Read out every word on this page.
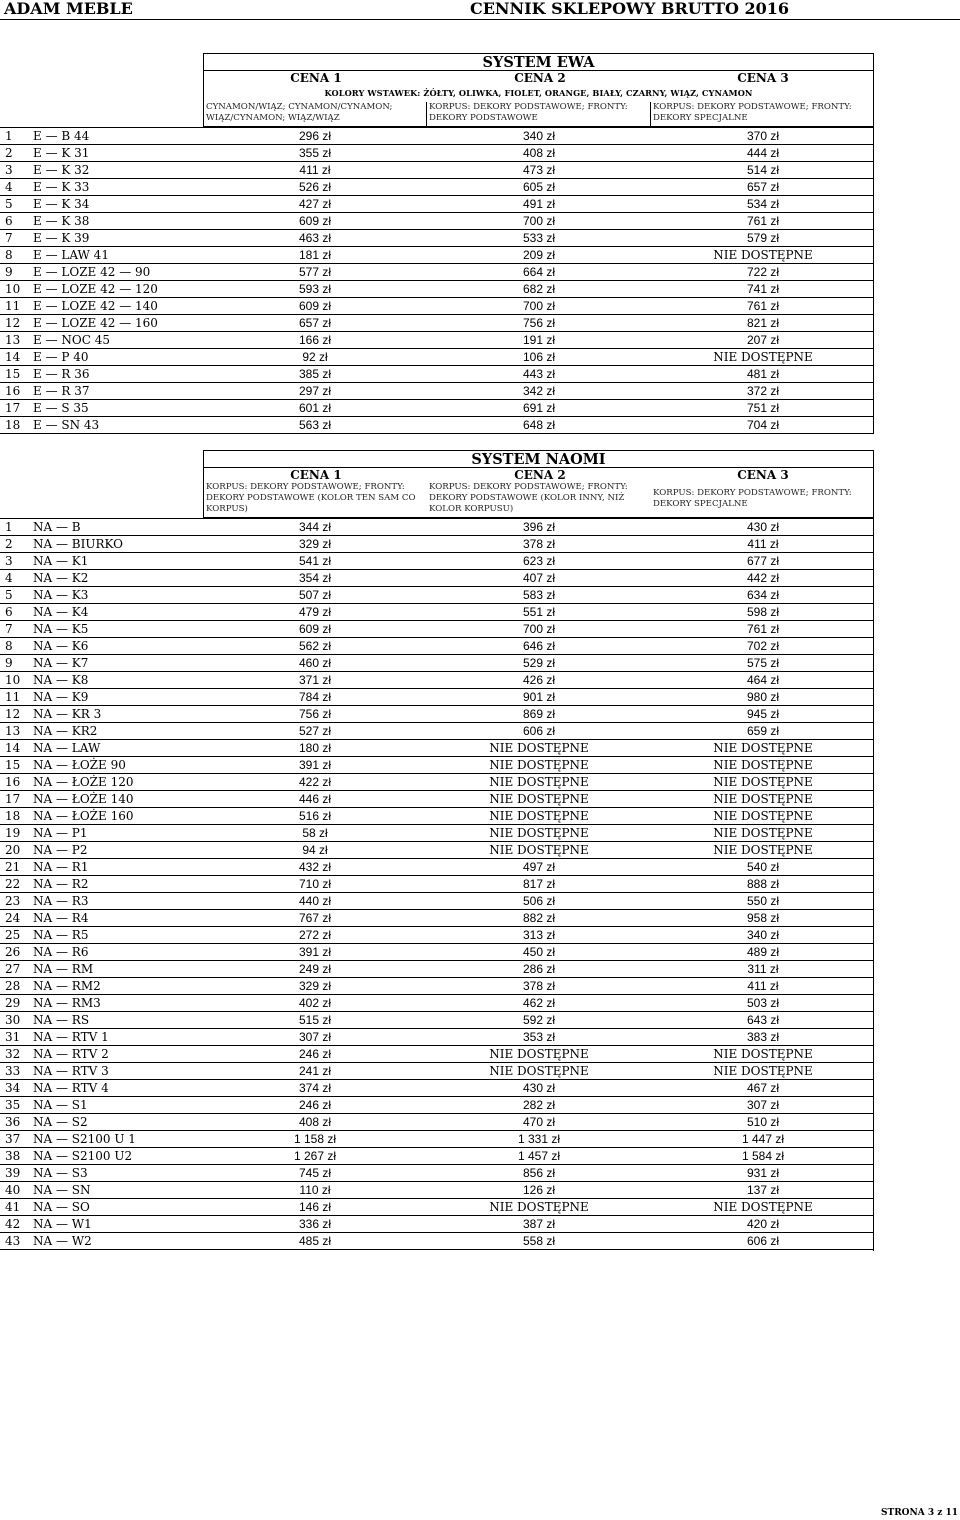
ADAM MEBLE	CENNIK SKLEPOWY BRUTTO 2016
SYSTEM EWA
CENA 1	CENA 2	CENA 3
KOLORY WSTAWEK: ŻÓŁTY, OLIWKA, FIOLET, ORANGE, BIAŁY, CZARNY, WIĄZ, CYNAMON
CYNAMON/WIĄZ; CYNAMON/CYNAMON; WIĄZ/CYNAMON; WIĄZ/WIĄZ
KORPUS: DEKORY PODSTAWOWE; FRONTY: DEKORY PODSTAWOWE
KORPUS: DEKORY PODSTAWOWE; FRONTY: DEKORY SPECJALNE
1 E — B 44	296 zł	340 zł	370 zł
2 E — K 31	355 zł	408 zł	444 zł
3 E — K 32	411 zł	473 zł	514 zł
4 E — K 33	526 zł	605 zł	657 zł
5 E — K 34	427 zł	491 zł	534 zł
6 E — K 38	609 zł	700 zł	761 zł
7 E — K 39	463 zł	533 zł	579 zł
8 E — LAW 41	181 zł	209 zł	NIE DOSTĘPNE
9 E — LOZE 42 — 90	577 zł	664 zł	722 zł
10 E — LOZE 42 — 120	593 zł	682 zł	741 zł
11 E — LOZE 42 — 140	609 zł	700 zł	761 zł
12 E — LOZE 42 — 160	657 zł	756 zł	821 zł
13 E — NOC 45	166 zł	191 zł	207 zł
14 E — P 40	92 zł	106 zł	NIE DOSTĘPNE
15 E — R 36	385 zł	443 zł	481 zł
16 E — R 37	297 zł	342 zł	372 zł
17 E — S 35	601 zł	691 zł	751 zł
18 E — SN 43	563 zł	648 zł	704 zł
SYSTEM NAOMI
CENA 1	CENA 2	CENA 3
KORPUS: DEKORY PODSTAWOWE; FRONTY: DEKORY PODSTAWOWE (KOLOR TEN SAM CO KORPUS)
KORPUS: DEKORY PODSTAWOWE; FRONTY: DEKORY PODSTAWOWE (KOLOR INNY, NIŻ KOLOR KORPUSU)
KORPUS: DEKORY PODSTAWOWE; FRONTY: DEKORY SPECJALNE
1 NA — B	344 zł	396 zł	430 zł
2 NA — BIURKO	329 zł	378 zł	411 zł
3 NA — K1	541 zł	623 zł	677 zł
4 NA — K2	354 zł	407 zł	442 zł
5 NA — K3	507 zł	583 zł	634 zł
6 NA — K4	479 zł	551 zł	598 zł
7 NA — K5	609 zł	700 zł	761 zł
8 NA — K6	562 zł	646 zł	702 zł
9 NA — K7	460 zł	529 zł	575 zł
10 NA — K8	371 zł	426 zł	464 zł
11 NA — K9	784 zł	901 zł	980 zł
12 NA — KR 3	756 zł	869 zł	945 zł
13 NA — KR2	527 zł	606 zł	659 zł
14 NA — LAW	180 zł	NIE DOSTĘPNE	NIE DOSTĘPNE
15 NA — ŁOŻE 90	391 zł	NIE DOSTĘPNE	NIE DOSTĘPNE
16 NA — ŁOŻE 120	422 zł	NIE DOSTĘPNE	NIE DOSTĘPNE
17 NA — ŁOŻE 140	446 zł	NIE DOSTĘPNE	NIE DOSTĘPNE
18 NA — ŁOŻE 160	516 zł	NIE DOSTĘPNE	NIE DOSTĘPNE
19 NA — P1	58 zł	NIE DOSTĘPNE	NIE DOSTĘPNE
20 NA — P2	94 zł	NIE DOSTĘPNE	NIE DOSTĘPNE
21 NA — R1	432 zł	497 zł	540 zł
22 NA — R2	710 zł	817 zł	888 zł
23 NA — R3	440 zł	506 zł	550 zł
24 NA — R4	767 zł	882 zł	958 zł
25 NA — R5	272 zł	313 zł	340 zł
26 NA — R6	391 zł	450 zł	489 zł
27 NA — RM	249 zł	286 zł	311 zł
28 NA — RM2	329 zł	378 zł	411 zł
29 NA — RM3	402 zł	462 zł	503 zł
30 NA — RS	515 zł	592 zł	643 zł
31 NA — RTV 1	307 zł	353 zł	383 zł
32 NA — RTV 2	246 zł	NIE DOSTĘPNE	NIE DOSTĘPNE
33 NA — RTV 3	241 zł	NIE DOSTĘPNE	NIE DOSTĘPNE
34 NA — RTV 4	374 zł	430 zł	467 zł
35 NA — S1	246 zł	282 zł	307 zł
36 NA — S2	408 zł	470 zł	510 zł
37 NA — S2100 U 1	1 158 zł	1 331 zł	1 447 zł
38 NA — S2100 U2	1 267 zł	1 457 zł	1 584 zł
39 NA — S3	745 zł	856 zł	931 zł
40 NA — SN	110 zł	126 zł	137 zł
41 NA — SO	146 zł	NIE DOSTĘPNE	NIE DOSTĘPNE
42 NA — W1	336 zł	387 zł	420 zł
43 NA — W2	485 zł	558 zł	606 zł
STRONA 3 z 11
